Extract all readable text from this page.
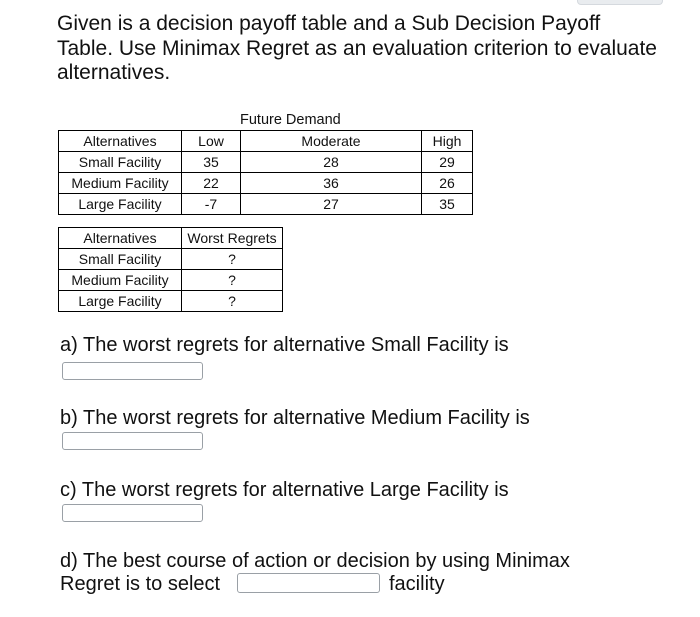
Given is a decision payoff table and a Sub Decision Payoff Table. Use Minimax Regret as an evaluation criterion to evaluate alternatives.

Future Demand
Alternatives	Low	Moderate	High
Small Facility	35	28	29
Medium Facility	22	36	26
Large Facility	-7	27	35
Alternatives	Worst Regrets
Small Facility	?
Medium Facility	?
Large Facility	?

a) The worst regrets for alternative Small Facility is

b) The worst regrets for alternative Medium Facility is

c) The worst regrets for alternative Large Facility is

d) The best course of action or decision by using Minimax
Regret is to select	facility
